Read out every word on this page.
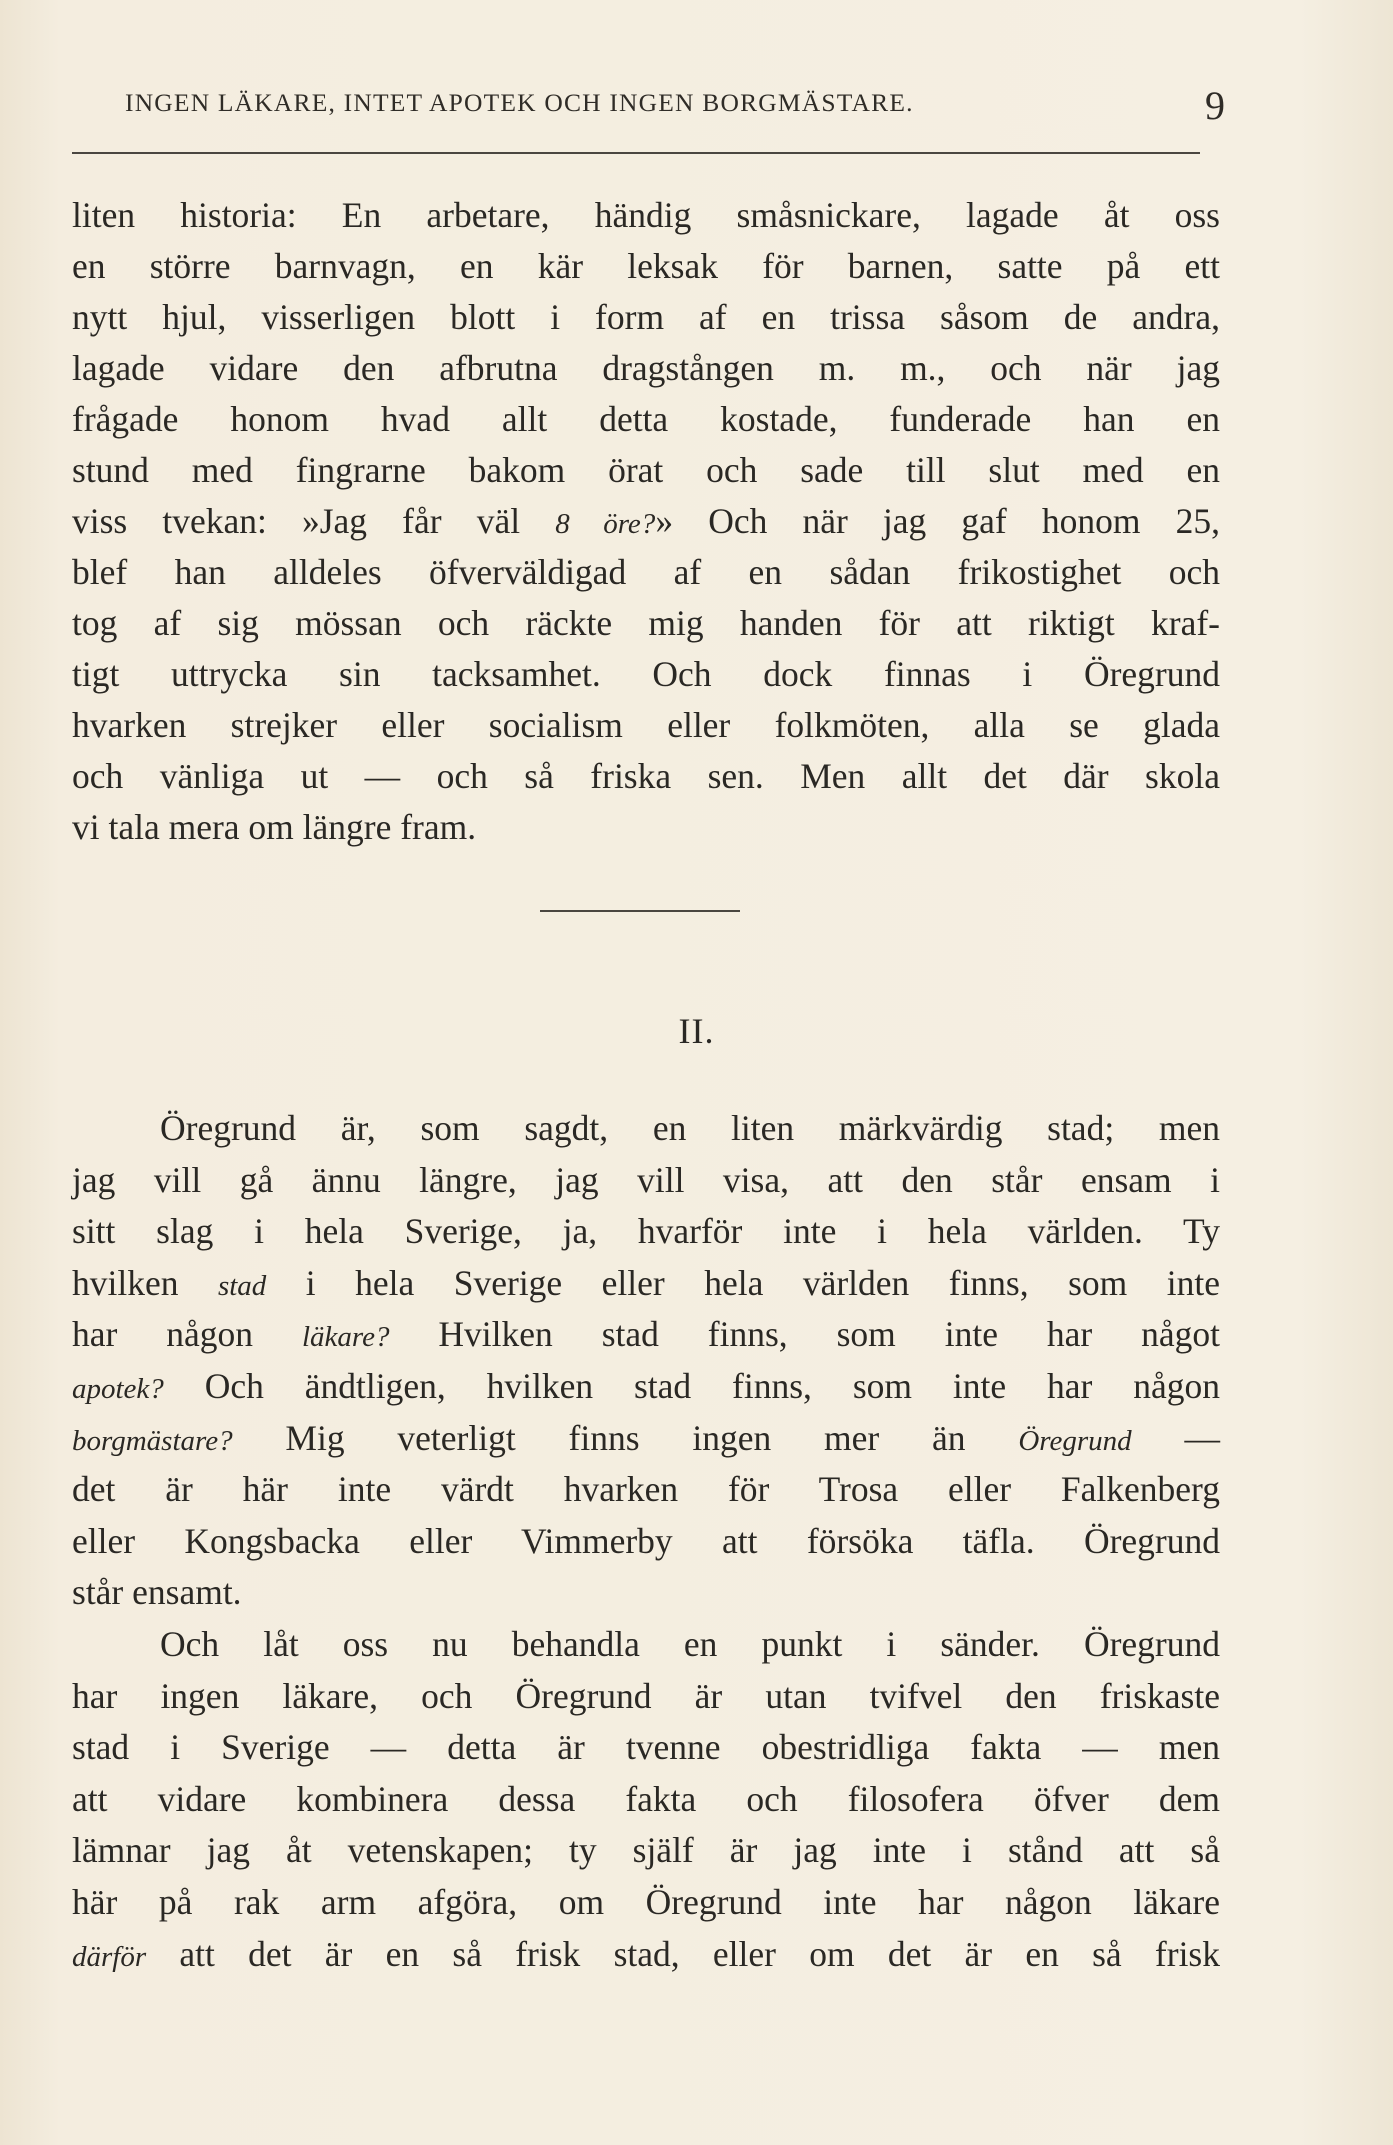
INGEN LÄKARE, INTET APOTEK OCH INGEN BORGMÄSTARE.	9
liten historia: En arbetare, händig småsnickare, lagade åt oss
en större barnvagn, en kär leksak för barnen, satte på ett
nytt hjul, visserligen blott i form af en trissa såsom de andra,
lagade vidare den afbrutna dragstången m. m., och när jag
frågade honom hvad allt detta kostade, funderade han en
stund med fingrarne bakom örat och sade till slut med en
viss tvekan: »Jag får väl 8 öre?» Och när jag gaf honom 25,
blef han alldeles öfverväldigad af en sådan frikostighet och
tog af sig mössan och räckte mig handen för att riktigt kraf-
tigt uttrycka sin tacksamhet. Och dock finnas i Öregrund
hvarken strejker eller socialism eller folkmöten, alla se glada
och vänliga ut — och så friska sen. Men allt det där skola
vi tala mera om längre fram.
II.
Öregrund är, som sagdt, en liten märkvärdig stad; men
jag vill gå ännu längre, jag vill visa, att den står ensam i
sitt slag i hela Sverige, ja, hvarför inte i hela världen. Ty
hvilken stad i hela Sverige eller hela världen finns, som inte
har någon läkare? Hvilken stad finns, som inte har något
apotek? Och ändtligen, hvilken stad finns, som inte har någon
borgmästare? Mig veterligt finns ingen mer än Öregrund —
det är här inte värdt hvarken för Trosa eller Falkenberg
eller Kongsbacka eller Vimmerby att försöka täfla. Öregrund
står ensamt.
Och låt oss nu behandla en punkt i sänder. Öregrund
har ingen läkare, och Öregrund är utan tvifvel den friskaste
stad i Sverige — detta är tvenne obestridliga fakta — men
att vidare kombinera dessa fakta och filosofera öfver dem
lämnar jag åt vetenskapen; ty själf är jag inte i stånd att så
här på rak arm afgöra, om Öregrund inte har någon läkare
därför att det är en så frisk stad, eller om det är en så frisk
